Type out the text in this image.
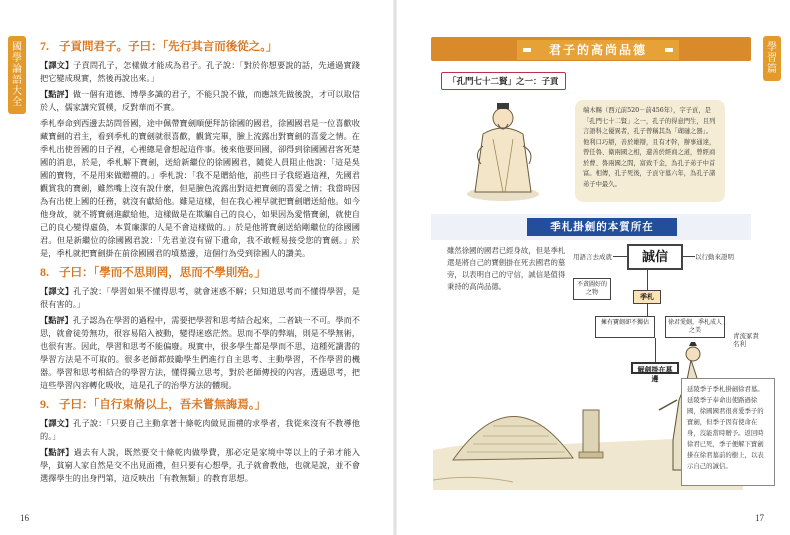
國
學
論
語
大
全
7. 子貢問君子。子曰：「先行其言而後從之。」

【譯文】子貢問孔子，怎樣做才能成為君子。孔子說：「對於你想要說的話，先通過實踐把它變成現實，然後再說出來。」

【點評】做一個有道德、博學多識的君子，不能只說不做，而應該先做後說，才可以取信於人，儒家講究質樸，反對華而不實。

季札奉命到西邊去訪問晉國，途中佩帶寶劍順便拜訪徐國的國君，徐國國君是一位喜歡收藏寶劍的君主，看到季札的寶劍就很喜歡，觀賞完畢，臉上流露出對寶劍的喜愛之情。在季札出使晉國的日子裡，心裡總是會想起這件事。後來他要回國，卻得到徐國國君客死楚國的消息，於是，季札解下寶劍，送給新繼位的徐國國君，隨從人員阻止他說：「這是吳國的寶物，不是用來做贈禮的。」季札說：「我不是贈給他，前些日子我經過這裡，先國君觀賞我的寶劍，雖然嘴上沒有說什麼，但是臉色流露出對這把寶劍的喜愛之情；我當時因為有出使上國的任務，就沒有獻給他。雖是這樣，但在我心裡早就把寶劍贈送給他。如今他身故，就不將寶劍進獻給他，這樣做是在欺騙自己的良心，如果因為愛惜寶劍，就使自己的良心變得虛偽，本質廉潔的人是不會這樣做的。」於是他將寶劍送給剛繼位的徐國國君。但是新繼位的徐國國君說：「先君並沒有留下遺命，我不敢輕易接受您的寶劍。」於是，季札就把寶劍掛在前徐國國君的墳墓邊，這個行為受到徐國人的讚美。

8. 子曰：「學而不思則罔，思而不學則殆。」

【譯文】孔子說：「學習如果不懂得思考，就會迷惑不解；只知道思考而不懂得學習，是很有害的。」

【點評】孔子認為在學習的過程中，需要把學習和思考結合起來，二者缺一不可。學而不思，就會徒勞無功，很容易陷入被動，變得迷惑茫然。思而不學的弊端，則是不學無術，也很有害。因此，學習和思考不能偏廢。現實中，很多學生都是學而不思，這種死讀書的學習方法是不可取的。很多老師都鼓勵學生們進行自主思考、主動學習，不作學習的機器。學習和思考相結合的學習方法，懂得獨立思考，對於老師傳授的內容，透過思考，把這些學習內容轉化吸收，這是孔子的治學方法的體現。

9. 子曰：「自行束脩以上，吾未嘗無誨焉。」

【譯文】孔子說：「只要自己主動拿著十條乾肉做見面禮的求學者，我從來沒有不教導他的。」

【點評】過去有人說，既然要交十條乾肉做學費，那必定是家境中等以上的子弟才能入學，貧窮人家自然是交不出見面禮，但只要有心想學，孔子就會教他，也就是說，並不會選擇學生的出身門第，這反映出「有教無類」的教育思想。

16
學
習
篇
君子的高尚品德
「孔門七十二賢」之一：子貢
端木賜（西元前520－前456年），字子貢，是「孔門七十二賢」之一，孔子的得意門生，且列言語科之優異者，孔子曾稱其為「瑚璉之器」。他利口巧辯，善於雄辯，且有才幹，辦事通達，曾任魯、衛兩國之相，還善於經商之道，曾經商於曹、魯兩國之間，富致千金，為孔子弟子中首富。相傳，孔子死後，子貢守墓六年，為孔子諸弟子中最久。
季札掛劍的本質所在
雖然徐國的國君已經身故，但是季札還是將自己的寶劍掛在死去國君的墓旁，以表明自己的守信，誠信是值得秉持的高尚品德。
誠信
用語言去成就	以行動來證明
不貪圖好的之物
季札
擁有寶劍卻不獨佔	徐君愛劍，季札成人之美
青流冢貴名利
解劍掛在墓邊
延陵季子季札掛劍徐君墓。延陵季子奉命出使路過徐國，徐國國君很喜愛季子的寶劍，但季子因有使命在身，沒能當時贈予。返回時徐君已死，季子便解下寶劍掛在徐君墓前的樹上，以表示自己的誠信。
17
